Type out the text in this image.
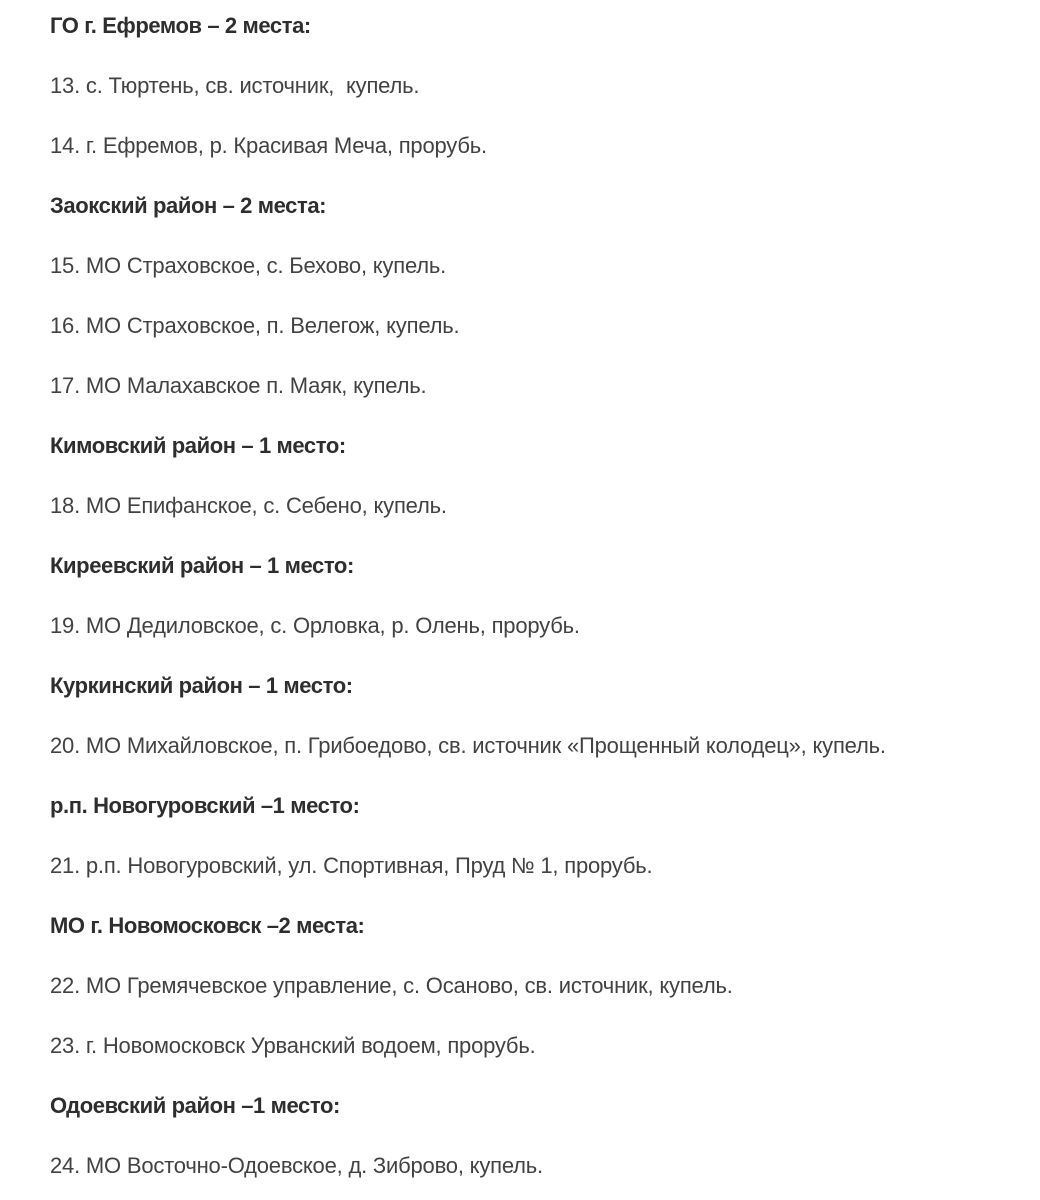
ГО г. Ефремов – 2 места:
13. с. Тюртень, св. источник,  купель.
14. г. Ефремов, р. Красивая Меча, прорубь.
Заокский район – 2 места:
15. МО Страховское, с. Бехово, купель.
16. МО Страховское, п. Велегож, купель.
17. МО Малахавское п. Маяк, купель.
Кимовский район – 1 место:
18. МО Епифанское, с. Себено, купель.
Киреевский район – 1 место:
19. МО Дедиловское, с. Орловка, р. Олень, прорубь.
Куркинский район – 1 место:
20. МО Михайловское, п. Грибоедово, св. источник «Прощенный колодец», купель.
р.п. Новогуровский –1 место:
21. р.п. Новогуровский, ул. Спортивная, Пруд № 1, прорубь.
МО г. Новомосковск –2 места:
22. МО Гремячевское управление, с. Осаново, св. источник, купель.
23. г. Новомосковск Урванский водоем, прорубь.
Одоевский район –1 место:
24. МО Восточно-Одоевское, д. Зиброво, купель.
